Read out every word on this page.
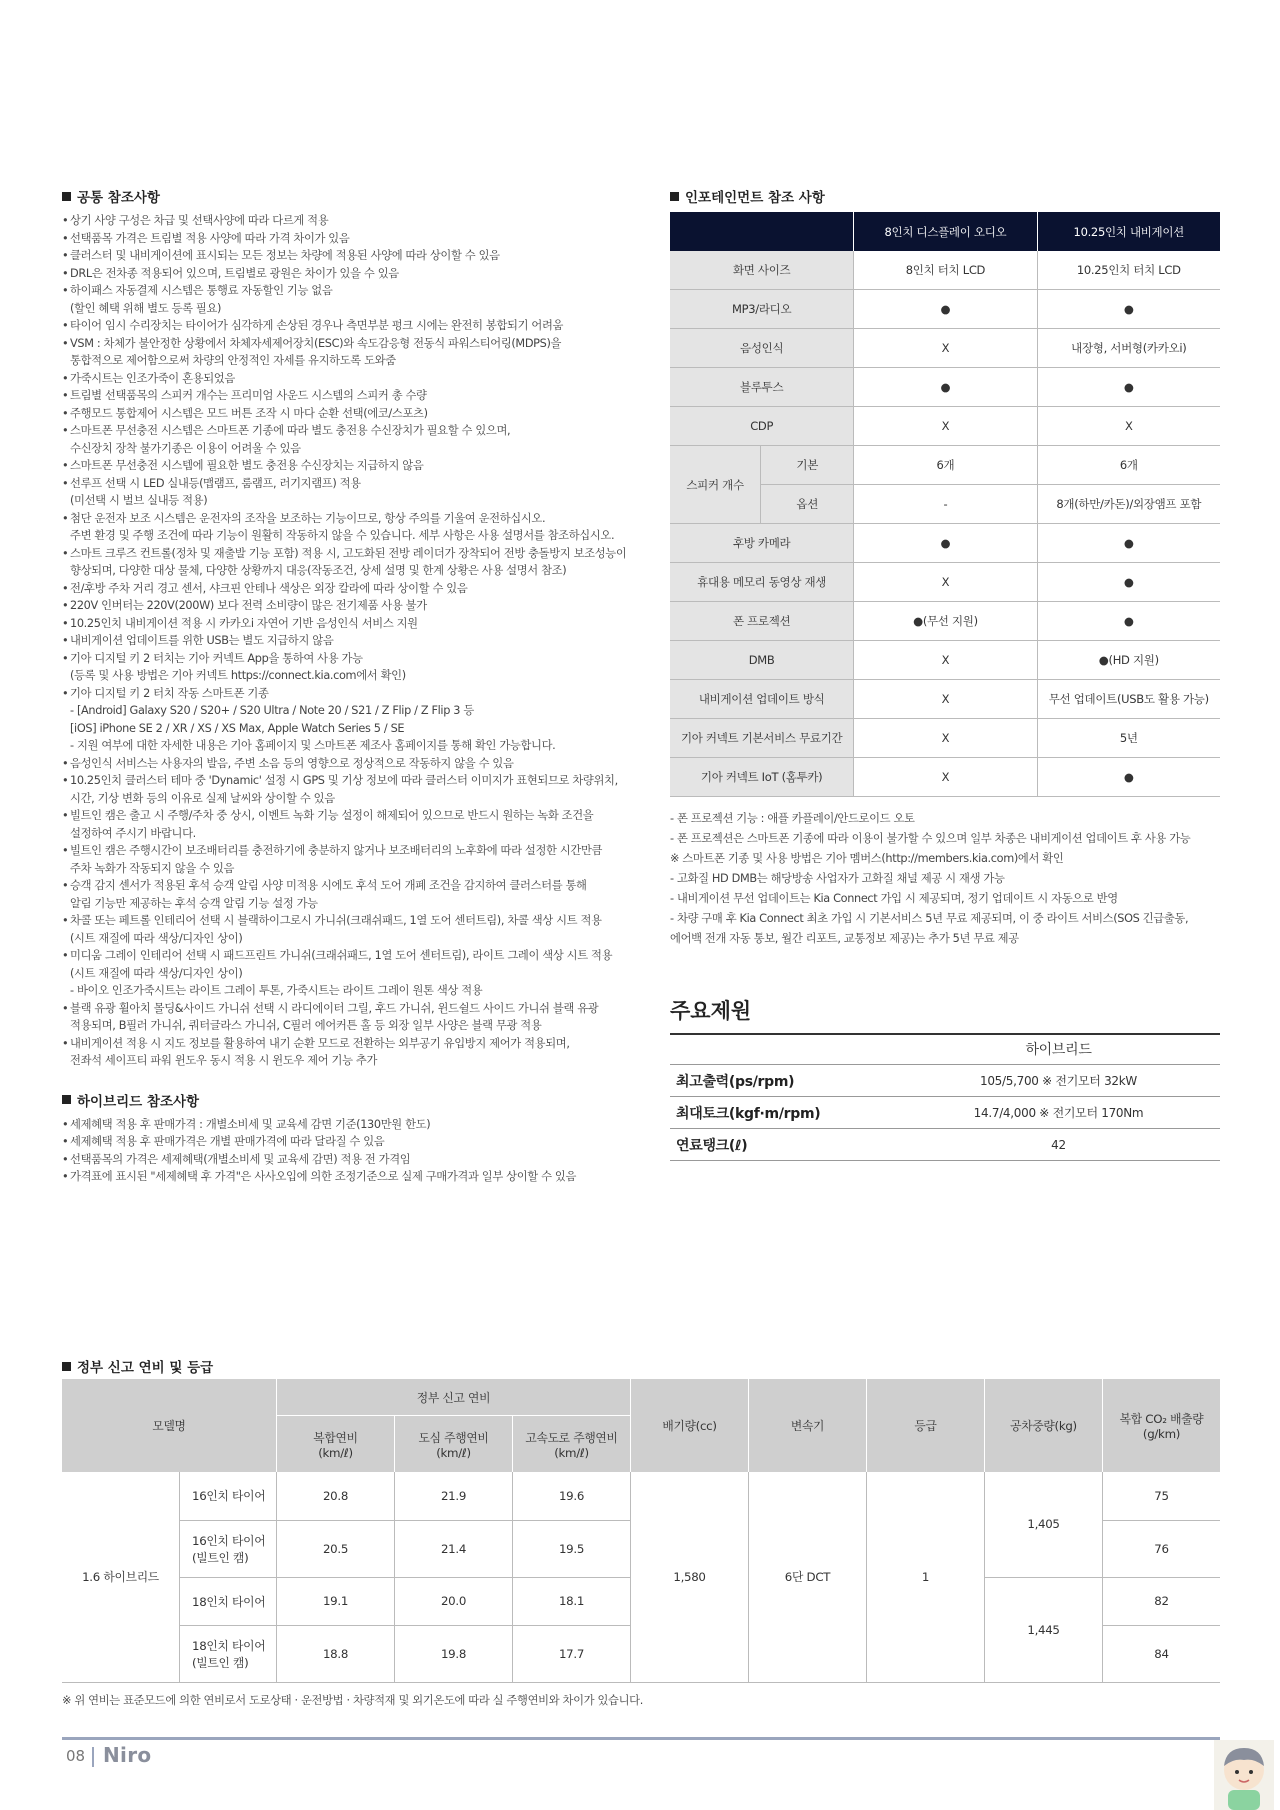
공통 참조사항
• 상기 사양 구성은 차급 및 선택사양에 따라 다르게 적용
• 선택품목 가격은 트림별 적용 사양에 따라 가격 차이가 있음
• 클러스터 및 내비게이션에 표시되는 모든 정보는 차량에 적용된 사양에 따라 상이할 수 있음
• DRL은 전차종 적용되어 있으며, 트림별로 광원은 차이가 있을 수 있음
• 하이패스 자동결제 시스템은 통행료 자동할인 기능 없음
(할인 혜택 위해 별도 등록 필요)
• 타이어 임시 수리장치는 타이어가 심각하게 손상된 경우나 측면부분 펑크 시에는 완전히 봉합되기 어려움
• VSM : 차체가 불안정한 상황에서 차체자세제어장치(ESC)와 속도감응형 전동식 파워스티어링(MDPS)을
통합적으로 제어함으로써 차량의 안정적인 자세를 유지하도록 도와줌
• 가죽시트는 인조가죽이 혼용되었음
• 트림별 선택품목의 스피커 개수는 프리미엄 사운드 시스템의 스피커 총 수량
• 주행모드 통합제어 시스템은 모드 버튼 조작 시 마다 순환 선택(에코/스포츠)
• 스마트폰 무선충전 시스템은 스마트폰 기종에 따라 별도 충전용 수신장치가 필요할 수 있으며,
수신장치 장착 불가기종은 이용이 어려울 수 있음
• 스마트폰 무선충전 시스템에 필요한 별도 충전용 수신장치는 지급하지 않음
• 선루프 선택 시 LED 실내등(맵램프, 룸램프, 러기지램프) 적용
(미선택 시 벌브 실내등 적용)
• 첨단 운전자 보조 시스템은 운전자의 조작을 보조하는 기능이므로, 항상 주의를 기울여 운전하십시오.
주변 환경 및 주행 조건에 따라 기능이 원활히 작동하지 않을 수 있습니다. 세부 사항은 사용 설명서를 참조하십시오.
• 스마트 크루즈 컨트롤(정차 및 재출발 기능 포함) 적용 시, 고도화된 전방 레이더가 장착되어 전방 충돌방지 보조성능이
향상되며, 다양한 대상 물체, 다양한 상황까지 대응(작동조건, 상세 설명 및 한계 상황은 사용 설명서 참조)
• 전/후방 주차 거리 경고 센서, 샤크핀 안테나 색상은 외장 칼라에 따라 상이할 수 있음
• 220V 인버터는 220V(200W) 보다 전력 소비량이 많은 전기제품 사용 불가
• 10.25인치 내비게이션 적용 시 카카오i 자연어 기반 음성인식 서비스 지원
• 내비게이션 업데이트를 위한 USB는 별도 지급하지 않음
• 기아 디지털 키 2 터치는 기아 커넥트 App을 통하여 사용 가능
(등록 및 사용 방법은 기아 커넥트 https://connect.kia.com에서 확인)
• 기아 디지털 키 2 터치 작동 스마트폰 기종
- [Android] Galaxy S20 / S20+ / S20 Ultra / Note 20 / S21 / Z Flip / Z Flip 3 등
[iOS] iPhone SE 2 / XR / XS / XS Max, Apple Watch Series 5 / SE
- 지원 여부에 대한 자세한 내용은 기아 홈페이지 및 스마트폰 제조사 홈페이지를 통해 확인 가능합니다.
• 음성인식 서비스는 사용자의 발음, 주변 소음 등의 영향으로 정상적으로 작동하지 않을 수 있음
• 10.25인치 클러스터 테마 중 'Dynamic' 설정 시 GPS 및 기상 정보에 따라 클러스터 이미지가 표현되므로 차량위치,
시간, 기상 변화 등의 이유로 실제 날씨와 상이할 수 있음
• 빌트인 캠은 출고 시 주행/주차 중 상시, 이벤트 녹화 기능 설정이 해제되어 있으므로 반드시 원하는 녹화 조건을
설정하여 주시기 바랍니다.
• 빌트인 캠은 주행시간이 보조배터리를 충전하기에 충분하지 않거나 보조배터리의 노후화에 따라 설정한 시간만큼
주차 녹화가 작동되지 않을 수 있음
• 승객 감지 센서가 적용된 후석 승객 알림 사양 미적용 시에도 후석 도어 개폐 조건을 감지하여 클러스터를 통해
알림 기능만 제공하는 후석 승객 알림 기능 설정 가능
• 차콜 또는 페트롤 인테리어 선택 시 블랙하이그로시 가니쉬(크래쉬패드, 1열 도어 센터트림), 차콜 색상 시트 적용
(시트 재질에 따라 색상/디자인 상이)
• 미디움 그레이 인테리어 선택 시 패드프린트 가니쉬(크래쉬패드, 1열 도어 센터트림), 라이트 그레이 색상 시트 적용
(시트 재질에 따라 색상/디자인 상이)
- 바이오 인조가죽시트는 라이트 그레이 투톤, 가죽시트는 라이트 그레이 원톤 색상 적용
• 블랙 유광 휠아치 몰딩&사이드 가니쉬 선택 시 라디에이터 그릴, 후드 가니쉬, 윈드쉴드 사이드 가니쉬 블랙 유광
적용되며, B필러 가니쉬, 쿼터글라스 가니쉬, C필러 에어커튼 홀 등 외장 일부 사양은 블랙 무광 적용
• 내비게이션 적용 시 지도 정보를 활용하여 내기 순환 모드로 전환하는 외부공기 유입방지 제어가 적용되며,
전좌석 세이프티 파워 윈도우 동시 적용 시 윈도우 제어 기능 추가
하이브리드 참조사항
• 세제혜택 적용 후 판매가격 : 개별소비세 및 교육세 감면 기준(130만원 한도)
• 세제혜택 적용 후 판매가격은 개별 판매가격에 따라 달라질 수 있음
• 선택품목의 가격은 세제혜택(개별소비세 및 교육세 감면) 적용 전 가격임
• 가격표에 표시된 "세제혜택 후 가격"은 사사오입에 의한 조정기준으로 실제 구매가격과 일부 상이할 수 있음
인포테인먼트 참조 사항
		8인치 디스플레이 오디오	10.25인치 내비게이션
화면 사이즈		8인치 터치 LCD	10.25인치 터치 LCD
MP3/라디오		●	●
음성인식		X	내장형, 서버형(카카오i)
블루투스		●	●
CDP		X	X
스피커 개수	기본	6개	6개
	옵션	-	8개(하만/카돈)/외장앰프 포함
후방 카메라		●	●
휴대용 메모리 동영상 재생		X	●
폰 프로젝션		●(무선 지원)	●
DMB		X	●(HD 지원)
내비게이션 업데이트 방식		X	무선 업데이트(USB도 활용 가능)
기아 커넥트 기본서비스 무료기간		X	5년
기아 커넥트 IoT (홈투카)		X	●
- 폰 프로젝션 기능 : 애플 카플레이/안드로이드 오토
- 폰 프로젝션은 스마트폰 기종에 따라 이용이 불가할 수 있으며 일부 차종은 내비게이션 업데이트 후 사용 가능
※ 스마트폰 기종 및 사용 방법은 기아 멤버스(http://members.kia.com)에서 확인
- 고화질 HD DMB는 해당방송 사업자가 고화질 채널 제공 시 재생 가능
- 내비게이션 무선 업데이트는 Kia Connect 가입 시 제공되며, 정기 업데이트 시 자동으로 반영
- 차량 구매 후 Kia Connect 최초 가입 시 기본서비스 5년 무료 제공되며, 이 중 라이트 서비스(SOS 긴급출동,
에어백 전개 자동 통보, 월간 리포트, 교통정보 제공)는 추가 5년 무료 제공
주요제원
	하이브리드
최고출력(ps/rpm)	105/5,700 ※ 전기모터 32kW
최대토크(kgf·m/rpm)	14.7/4,000 ※ 전기모터 170Nm
연료탱크(ℓ)	42
정부 신고 연비 및 등급
모델명		정부 신고 연비			배기량(cc)	변속기	등급	공차중량(kg)	복합 CO₂ 배출량
(g/km)
		복합연비
(km/ℓ)	도심 주행연비
(km/ℓ)	고속도로 주행연비
(km/ℓ)					
1.6 하이브리드	16인치 타이어	20.8	21.9	19.6	1,580	6단 DCT	1	1,405	75
	16인치 타이어
(빌트인 캠)	20.5	21.4	19.5					76
	18인치 타이어	19.1	20.0	18.1				1,445	82
	18인치 타이어
(빌트인 캠)	18.8	19.8	17.7					84
※ 위 연비는 표준모드에 의한 연비로서 도로상태 · 운전방법 · 차량적재 및 외기온도에 따라 실 주행연비와 차이가 있습니다.
08 Niro
